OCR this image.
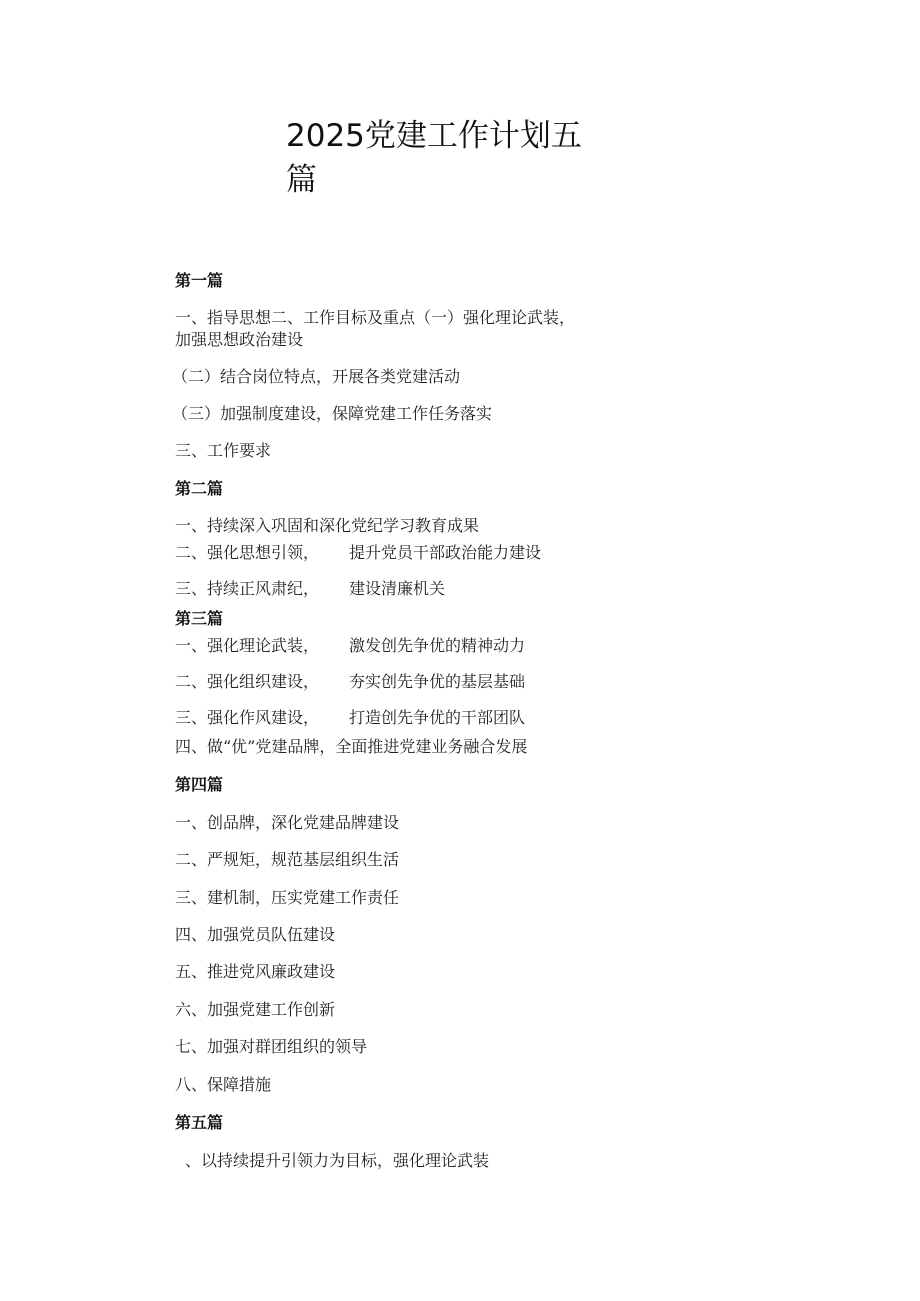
2025党建工作计划五
篇
第一篇
一、指导思想二、工作目标及重点（一）强化理论武装，
加强思想政治建设
（二）结合岗位特点，开展各类党建活动
（三）加强制度建设，保障党建工作任务落实
三、工作要求
第二篇
一、持续深入巩固和深化党纪学习教育成果
二、强化思想引领， 提升党员干部政治能力建设
三、持续正风肃纪， 建设清廉机关
第三篇
一、强化理论武装， 激发创先争优的精神动力
二、强化组织建设， 夯实创先争优的基层基础
三、强化作风建设， 打造创先争优的干部团队
四、做“优”党建品牌，全面推进党建业务融合发展
第四篇
一、创品牌，深化党建品牌建设
二、严规矩，规范基层组织生活
三、建机制，压实党建工作责任
四、加强党员队伍建设
五、推进党风廉政建设
六、加强党建工作创新
七、加强对群团组织的领导
八、保障措施
第五篇
、以持续提升引领力为目标，强化理论武装
